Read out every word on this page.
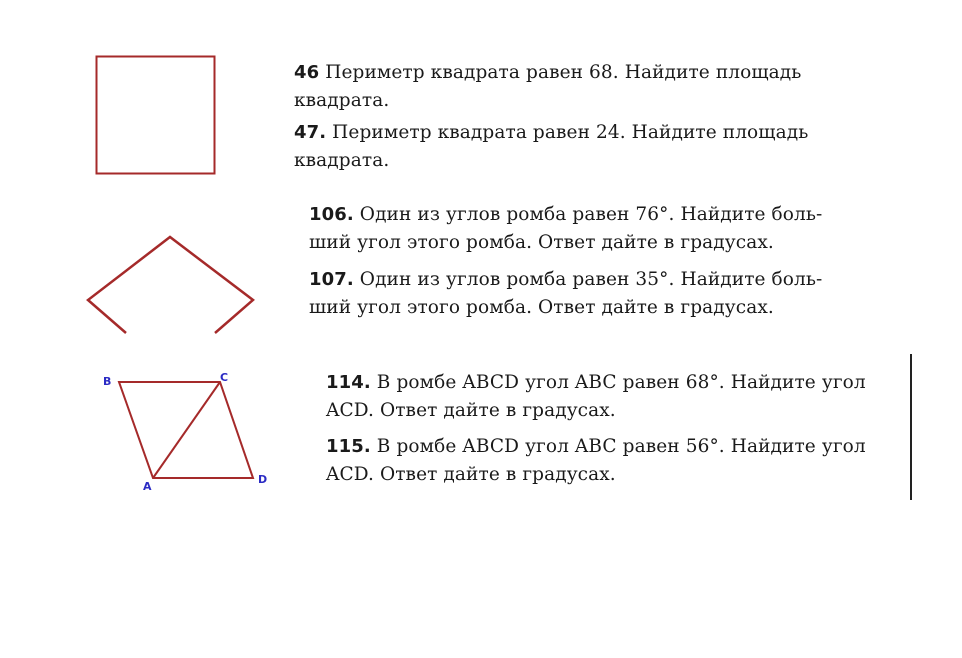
B	C
A
D

46 Периметр квадрата равен 68. Найдите площадь
квадрата.

47. Периметр квадрата равен 24. Найдите площадь
квадрата.

106. Один из углов ромба равен 76°. Найдите боль-
ший угол этого ромба. Ответ дайте в градусах.

107. Один из углов ромба равен 35°. Найдите боль-
ший угол этого ромба. Ответ дайте в градусах.

114. В ромбе ABCD угол ABC равен 68°. Найдите угол
ACD. Ответ дайте в градусах.

115. В ромбе ABCD угол ABC равен 56°. Найдите угол
ACD. Ответ дайте в градусах.
